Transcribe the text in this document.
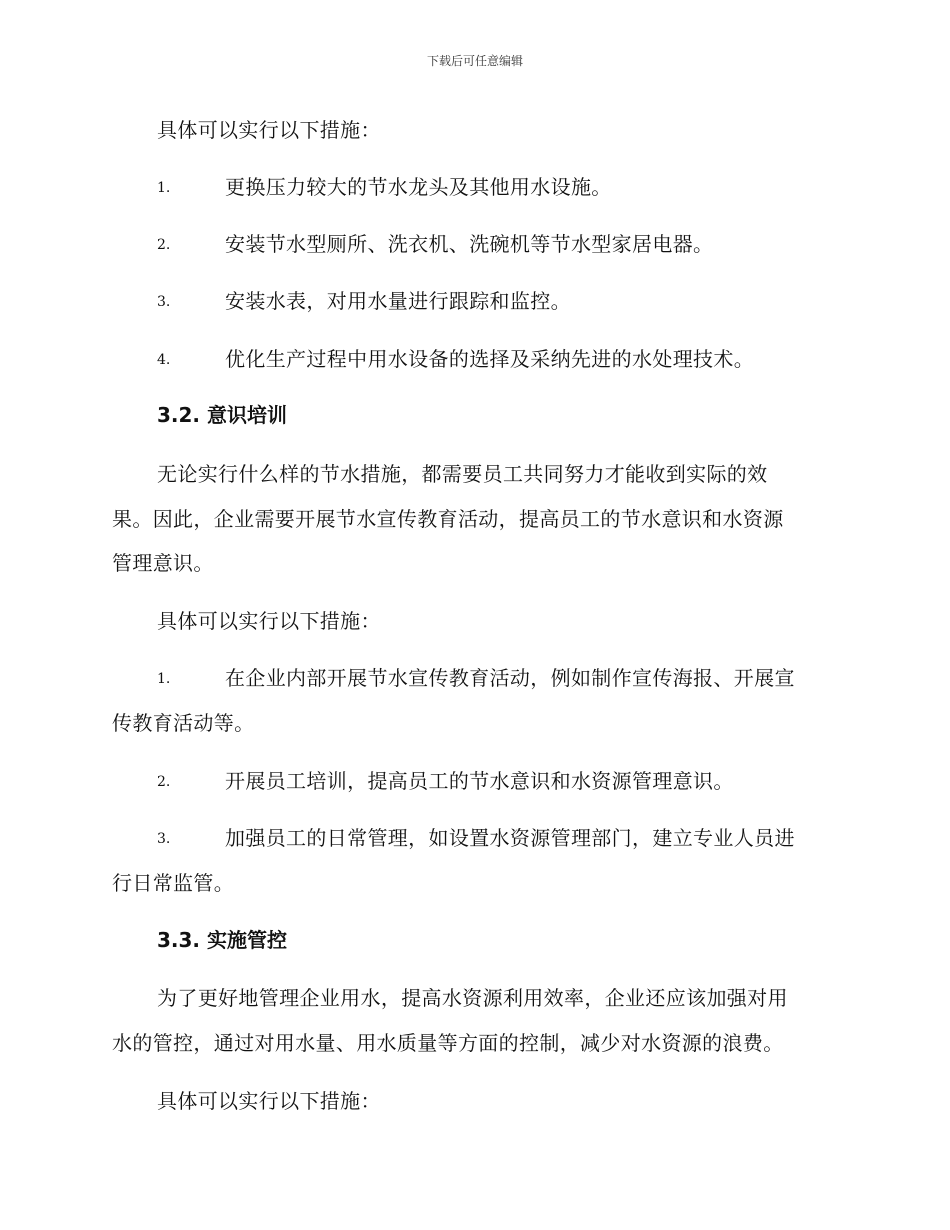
下载后可任意编辑
具体可以实行以下措施：
1.	更换压力较大的节水龙头及其他用水设施。
2.	安装节水型厕所、洗衣机、洗碗机等节水型家居电器。
3.	安装水表，对用水量进行跟踪和监控。
4.	优化生产过程中用水设备的选择及采纳先进的水处理技术。
3.2. 意识培训
无论实行什么样的节水措施，都需要员工共同努力才能收到实际的效
果。因此，企业需要开展节水宣传教育活动，提高员工的节水意识和水资源
管理意识。
具体可以实行以下措施：
1.	在企业内部开展节水宣传教育活动，例如制作宣传海报、开展宣
传教育活动等。
2.	开展员工培训，提高员工的节水意识和水资源管理意识。
3.	加强员工的日常管理，如设置水资源管理部门，建立专业人员进
行日常监管。
3.3. 实施管控
为了更好地管理企业用水，提高水资源利用效率，企业还应该加强对用
水的管控，通过对用水量、用水质量等方面的控制，减少对水资源的浪费。
具体可以实行以下措施：
